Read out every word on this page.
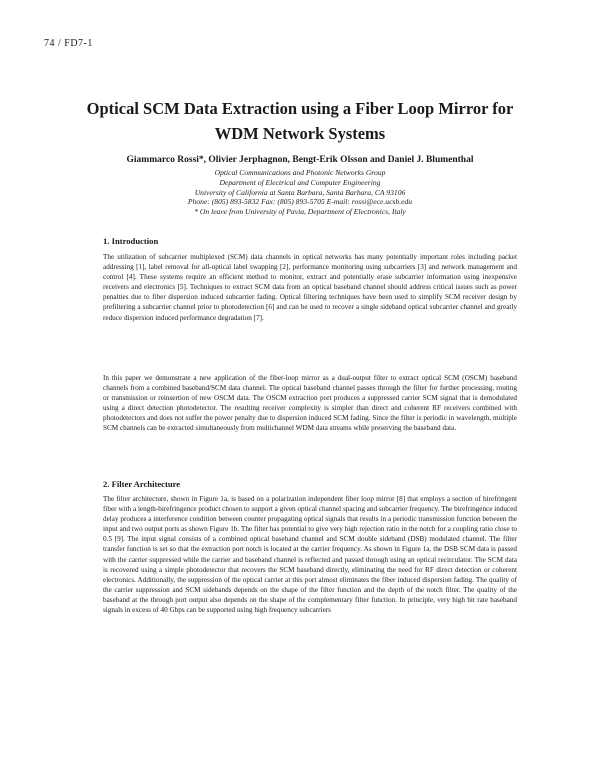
74 / FD7-1
Optical SCM Data Extraction using a Fiber Loop Mirror for
WDM Network Systems
Giammarco Rossi*, Olivier Jerphagnon, Bengt-Erik Olsson and Daniel J. Blumenthal
Optical Communications and Photonic Networks Group
Department of Electrical and Computer Engineering
University of California at Santa Barbara, Santa Barbara, CA 93106
Phone: (805) 893-5832 Fax: (805) 893-5705 E-mail: rossi@ece.ucsb.edu
* On leave from University of Pavia, Department of Electronics, Italy
1. Introduction

The utilization of subcarrier multiplexed (SCM) data channels in optical networks has many potentially important roles including packet addressing [1], label removal for all-optical label swapping [2], performance monitoring using subcarriers [3] and network management and control [4]. These systems require an efficient method to monitor, extract and potentially erase subcarrier information using inexpensive receivers and electronics [5]. Techniques to extract SCM data from an optical baseband channel should address critical issues such as power penalties due to fiber dispersion induced subcarrier fading. Optical filtering techniques have been used to simplify SCM receiver design by prefiltering a subcarrier channel prior to photodetection [6] and can be used to recover a single sideband optical subcarrier channel and greatly reduce dispersion induced performance degradation [7].

In this paper we demonstrate a new application of the fiber-loop mirror as a dual-output filter to extract optical SCM (OSCM) baseband channels from a combined baseband/SCM data channel. The optical baseband channel passes through the filter for further processing, routing or transmission or reinsertion of new OSCM data. The OSCM extraction port produces a suppressed carrier SCM signal that is demodulated using a direct detection photodetector. The resulting receiver complexity is simpler than direct and coherent RF receivers combined with photodetectors and does not suffer the power penalty due to dispersion induced SCM fading. Since the filter is periodic in wavelength, multiple SCM channels can be extracted simultaneously from multichannel WDM data streams while preserving the baseband data.

2. Filter Architecture

The filter architecture, shown in Figure 1a, is based on a polarization independent fiber loop mirror [8] that employs a section of birefringent fiber with a length-birefringence product chosen to support a given optical channel spacing and subcarrier frequency. The birefringence induced delay produces a interference condition between counter propagating optical signals that results in a periodic transmission function between the input and two output ports as shown Figure 1b. The filter has potential to give very high rejection ratio in the notch for a coupling ratio close to 0.5 [9]. The input signal consists of a combined optical baseband channel and SCM double sideband (DSB) modulated channel. The filter transfer function is set so that the extraction port notch is located at the carrier frequency. As shown in Figure 1a, the DSB SCM data is passed with the carrier suppressed while the carrier and baseband channel is reflected and passed through using an optical recirculator. The SCM data is recovered using a simple photodetector that recovers the SCM baseband directly, eliminating the need for RF direct detection or coherent electronics. Additionally, the suppression of the optical carrier at this port almost eliminates the fiber induced dispersion fading. The quality of the carrier suppression and SCM sidebands depends on the shape of the filter function and the depth of the notch filter. The quality of the baseband at the through port output also depends on the shape of the complementary filter function. In principle, very high bit rate baseband signals in excess of 40 Gbps can be supported using high frequency subcarriers
